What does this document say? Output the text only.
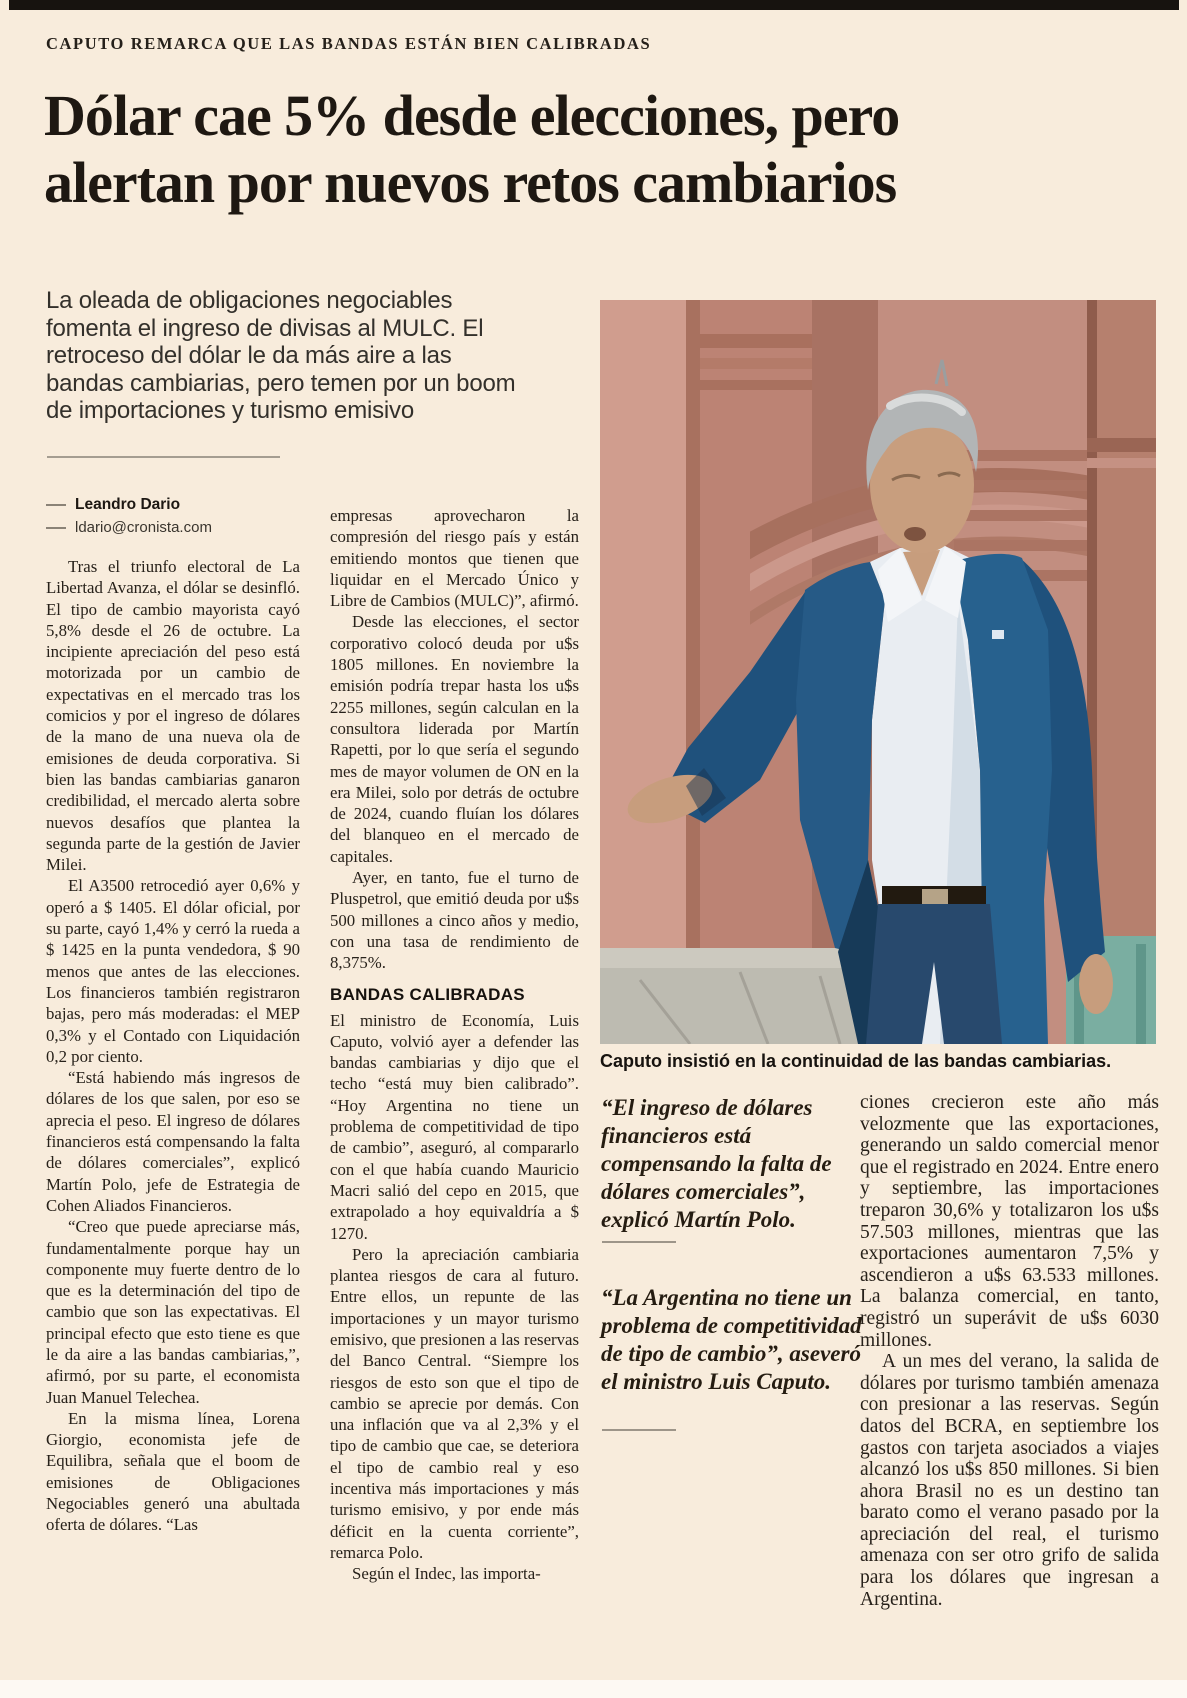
CAPUTO REMARCA QUE LAS BANDAS ESTÁN BIEN CALIBRADAS
Dólar cae 5% desde elecciones, pero
alertan por nuevos retos cambiarios
La oleada de obligaciones negociables fomenta el ingreso de divisas al MULC. El retroceso del dólar le da más aire a las bandas cambiarias, pero temen por un boom de importaciones y turismo emisivo
Leandro Dario
ldario@cronista.com

Tras el triunfo electoral de La Libertad Avanza, el dólar se desinfló. El tipo de cambio mayorista cayó 5,8% desde el 26 de octubre. La incipiente apreciación del peso está motorizada por un cambio de expectativas en el mercado tras los comicios y por el ingreso de dólares de la mano de una nueva ola de emisiones de deuda corporativa. Si bien las bandas cambiarias ganaron credibilidad, el mercado alerta sobre nuevos desafíos que plantea la segunda parte de la gestión de Javier Milei.

El A3500 retrocedió ayer 0,6% y operó a $ 1405. El dólar oficial, por su parte, cayó 1,4% y cerró la rueda a $ 1425 en la punta vendedora, $ 90 menos que antes de las elecciones. Los financieros también registraron bajas, pero más moderadas: el MEP 0,3% y el Contado con Liquidación 0,2 por ciento.

“Está habiendo más ingresos de dólares de los que salen, por eso se aprecia el peso. El ingreso de dólares financieros está compensando la falta de dólares comerciales”, explicó Martín Polo, jefe de Estrategia de Cohen Aliados Financieros.

“Creo que puede apreciarse más, fundamentalmente porque hay un componente muy fuerte dentro de lo que es la determinación del tipo de cambio que son las expectativas. El principal efecto que esto tiene es que le da aire a las bandas cambiarias,”, afirmó, por su parte, el economista Juan Manuel Telechea.

En la misma línea, Lorena Giorgio, economista jefe de Equilibra, señala que el boom de emisiones de Obligaciones Negociables generó una abultada oferta de dólares. “Las

empresas aprovecharon la compresión del riesgo país y están emitiendo montos que tienen que liquidar en el Mercado Único y Libre de Cambios (MULC)”, afirmó.

Desde las elecciones, el sector corporativo colocó deuda por u$s 1805 millones. En noviembre la emisión podría trepar hasta los u$s 2255 millones, según calculan en la consultora liderada por Martín Rapetti, por lo que sería el segundo mes de mayor volumen de ON en la era Milei, solo por detrás de octubre de 2024, cuando fluían los dólares del blanqueo en el mercado de capitales.

Ayer, en tanto, fue el turno de Pluspetrol, que emitió deuda por u$s 500 millones a cinco años y medio, con una tasa de rendimiento de 8,375%.

BANDAS CALIBRADAS

El ministro de Economía, Luis Caputo, volvió ayer a defender las bandas cambiarias y dijo que el techo “está muy bien calibrado”. “Hoy Argentina no tiene un problema de competitividad de tipo de cambio”, aseguró, al compararlo con el que había cuando Mauricio Macri salió del cepo en 2015, que extrapolado a hoy equivaldría a $ 1270.

Pero la apreciación cambiaria plantea riesgos de cara al futuro. Entre ellos, un repunte de las importaciones y un mayor turismo emisivo, que presionen a las reservas del Banco Central. “Siempre los riesgos de esto son que el tipo de cambio se aprecie por demás. Con una inflación que va al 2,3% y el tipo de cambio que cae, se deteriora el tipo de cambio real y eso incentiva más importaciones y más turismo emisivo, y por ende más déficit en la cuenta corriente”, remarca Polo.

Según el Indec, las importa-

Caputo insistió en la continuidad de las bandas cambiarias.
“El ingreso de dólares financieros está compensando la falta de dólares comerciales”, explicó Martín Polo.
“La Argentina no tiene un problema de competitividad de tipo de cambio”, aseveró el ministro Luis Caputo.

ciones crecieron este año más velozmente que las exportaciones, generando un saldo comercial menor que el registrado en 2024. Entre enero y septiembre, las importaciones treparon 30,6% y totalizaron los u$s 57.503 millones, mientras que las exportaciones aumentaron 7,5% y ascendieron a u$s 63.533 millones. La balanza comercial, en tanto, registró un superávit de u$s 6030 millones.

A un mes del verano, la salida de dólares por turismo también amenaza con presionar a las reservas. Según datos del BCRA, en septiembre los gastos con tarjeta asociados a viajes alcanzó los u$s 850 millones. Si bien ahora Brasil no es un destino tan barato como el verano pasado por la apreciación del real, el turismo amenaza con ser otro grifo de salida para los dólares que ingresan a Argentina.
